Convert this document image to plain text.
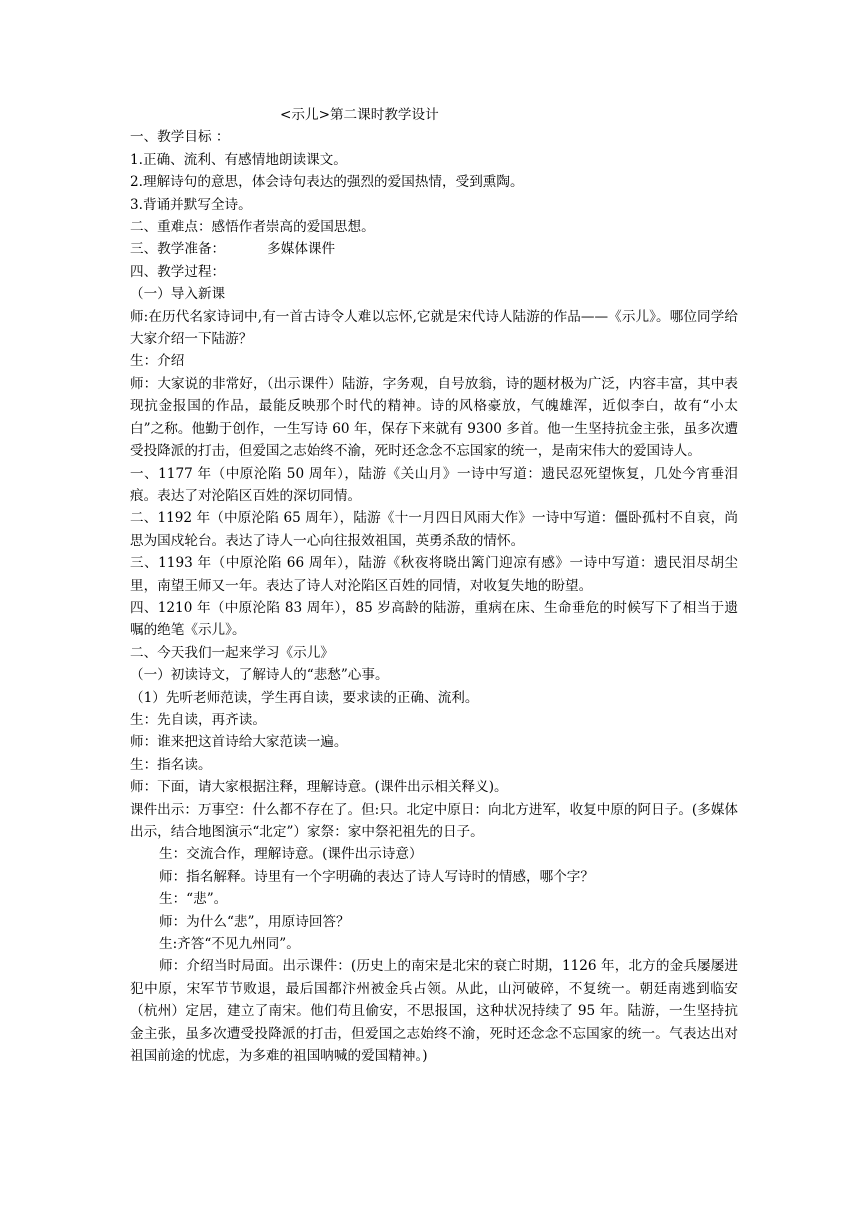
<示儿>第二课时教学设计

一、教学目标 ：

1.正确、流利、有感情地朗读课文。

2.理解诗句的意思，体会诗句表达的强烈的爱国热情，受到熏陶。

3.背诵并默写全诗。

二、重难点：感悟作者崇高的爱国思想。

三、教学准备：	多媒体课件

四、教学过程：

（一）导入新课

师:在历代名家诗词中,有一首古诗令人难以忘怀,它就是宋代诗人陆游的作品——《示儿》。哪位同学给大家介绍一下陆游？

生：介绍

师：大家说的非常好，（出示课件）陆游，字务观，自号放翁，诗的题材极为广泛，内容丰富，其中表现抗金报国的作品，最能反映那个时代的精神。诗的风格豪放，气魄雄浑，近似李白，故有“小太白”之称。他勤于创作，一生写诗 60 年，保存下来就有 9300 多首。他一生坚持抗金主张，虽多次遭受投降派的打击，但爱国之志始终不渝，死时还念念不忘国家的统一，是南宋伟大的爱国诗人。

一、1177 年（中原沦陷 50 周年），陆游《关山月》一诗中写道：遗民忍死望恢复，几处今宵垂泪痕。表达了对沦陷区百姓的深切同情。

二、1192 年（中原沦陷 65 周年），陆游《十一月四日风雨大作》一诗中写道：僵卧孤村不自哀，尚思为国戍轮台。表达了诗人一心向往报效祖国，英勇杀敌的情怀。

三、1193 年（中原沦陷 66 周年），陆游《秋夜将晓出篱门迎凉有感》一诗中写道：遗民泪尽胡尘里，南望王师又一年。表达了诗人对沦陷区百姓的同情，对收复失地的盼望。

四、1210 年（中原沦陷 83 周年），85 岁高龄的陆游，重病在床、生命垂危的时候写下了相当于遗嘱的绝笔《示儿》。

二、今天我们一起来学习《示儿》

（一）初读诗文，了解诗人的“悲愁”心事。

（1）先听老师范读，学生再自读，要求读的正确、流利。

生：先自读，再齐读。

师：谁来把这首诗给大家范读一遍。

生：指名读。

师：下面，请大家根据注释，理解诗意。(课件出示相关释义)。

课件出示：万事空：什么都不存在了。但:只。北定中原日：向北方进军，收复中原的阿日子。(多媒体出示，结合地图演示“北定”）家祭：家中祭祀祖先的日子。

生：交流合作，理解诗意。(课件出示诗意）

师：指名解释。诗里有一个字明确的表达了诗人写诗时的情感，哪个字？

生：“悲”。

师：为什么“悲”，用原诗回答？

生:齐答“不见九州同”。

师：介绍当时局面。出示课件：(历史上的南宋是北宋的衰亡时期，1126 年，北方的金兵屡屡进犯中原，宋军节节败退，最后国都汴州被金兵占领。从此，山河破碎，不复统一。朝廷南逃到临安（杭州）定居，建立了南宋。他们苟且偷安，不思报国，这种状况持续了 95 年。陆游，一生坚持抗金主张，虽多次遭受投降派的打击，但爱国之志始终不渝，死时还念念不忘国家的统一。气表达出对祖国前途的忧虑，为多难的祖国呐喊的爱国精神。)
